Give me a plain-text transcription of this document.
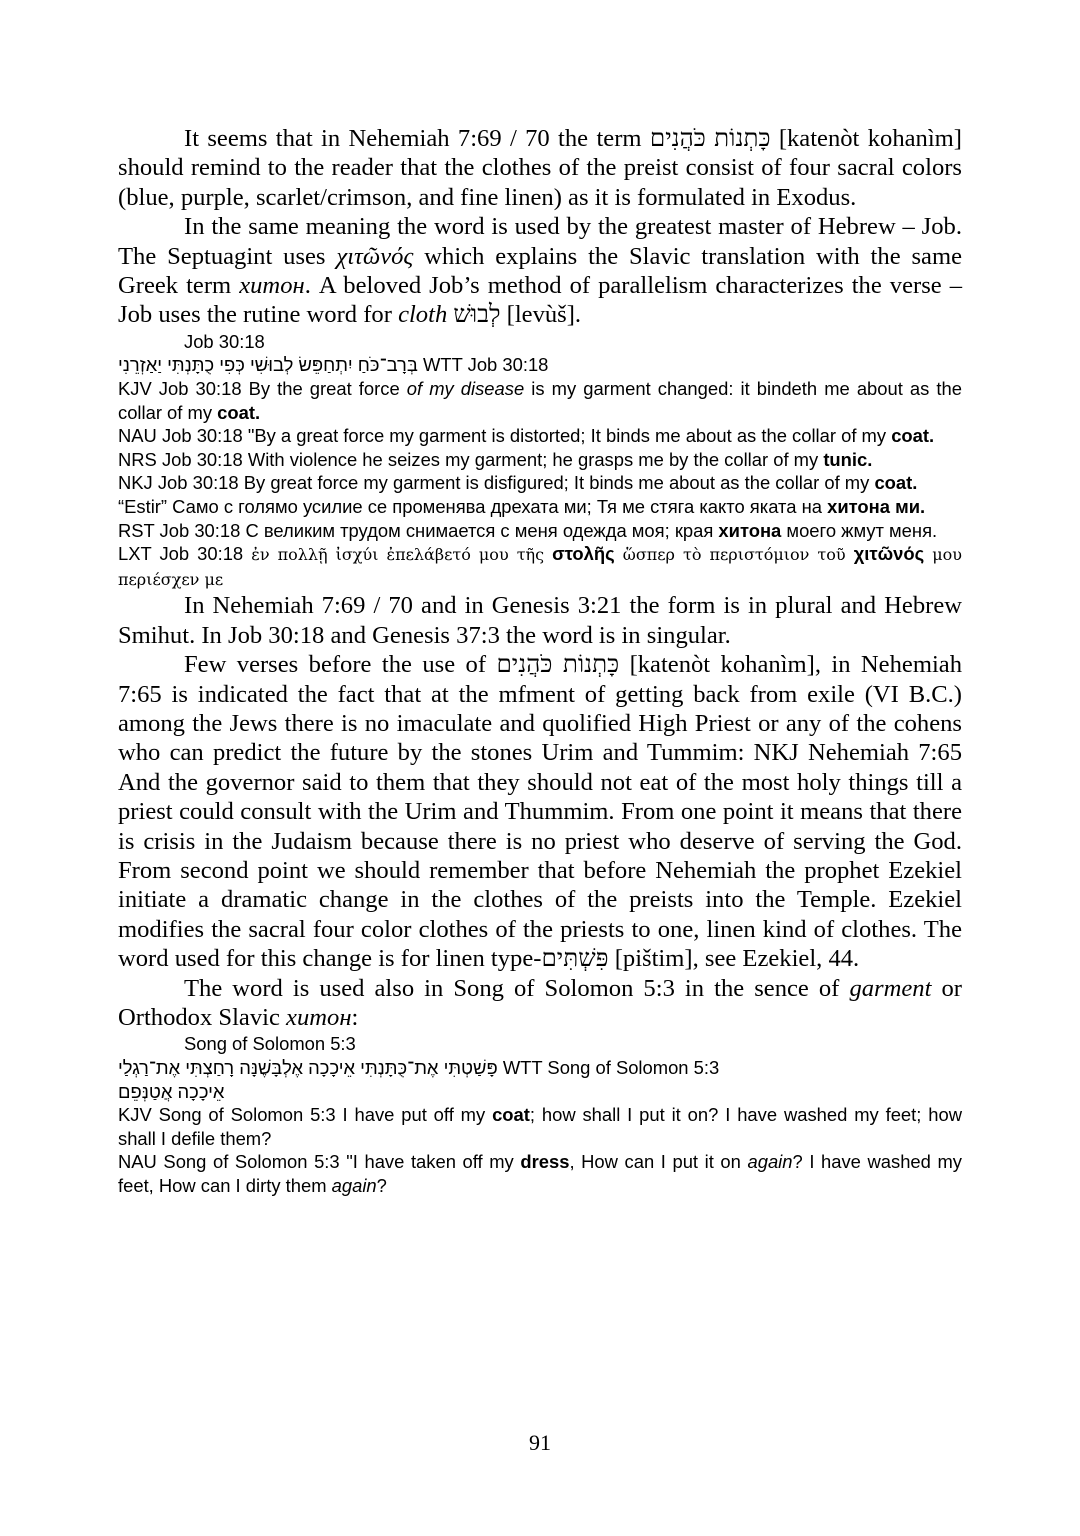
It seems that in Nehemiah 7:69 / 70 the term כָּתְנוֹת כֹּהֲנִים [katenòt kohanìm] should remind to the reader that the clothes of the preist consist of four sacral colors (blue, purple, scarlet/crimson, and fine linen) as it is formulated in Exodus.

In the same meaning the word is used by the greatest master of Hebrew – Job. The Septuagint uses χιτῶνός which explains the Slavic translation with the same Greek term хитон. A beloved Job’s method of parallelism characterizes the verse – Job uses the rutine word for cloth לְבוּשׁ [levùš].

Job 30:18

בְּרָב־כֹּחַ יִתְחַפֵּשׂ לְבוּשִׁי כְּפִי כֻתָּנְתִּי יַאַזְרֵנִי WTT Job 30:18

KJV Job 30:18 By the great force of my disease is my garment changed: it bindeth me about as the collar of my coat.

NAU Job 30:18 "By a great force my garment is distorted; It binds me about as the collar of my coat.

NRS Job 30:18 With violence he seizes my garment; he grasps me by the collar of my tunic.

NKJ Job 30:18 By great force my garment is disfigured; It binds me about as the collar of my coat.

“Estir” Само с голямо усилие се променява дрехата ми; Тя ме стяга както яката на хитона ми.

RST Job 30:18 С великим трудом снимается с меня одежда моя; края хитона моего жмут меня.

LXT Job 30:18 ἐν πολλῇ ἰσχύι ἐπελάβετό μου τῆς στολῆς ὥσπερ τὸ περιστόμιον τοῦ χιτῶνός μου περιέσχεν με

In Nehemiah 7:69 / 70 and in Genesis 3:21 the form is in plural and Hebrew Smihut. In Job 30:18 and Genesis 37:3 the word is in singular.

Few verses before the use of כָּתְנוֹת כֹּהֲנִים [katenòt kohanìm], in Nehemiah 7:65 is indicated the fact that at the mfment of getting back from exile (VI B.C.) among the Jews there is no imaculate and quolified High Priest or any of the cohens who can predict the future by the stones Urim and Tummim: NKJ Nehemiah 7:65 And the governor said to them that they should not eat of the most holy things till a priest could consult with the Urim and Thummim. From one point it means that there is crisis in the Judaism because there is no priest who deserve of serving the God. From second point we should remember that before Nehemiah the prophet Ezekiel initiate a dramatic change in the clothes of the preists into the Temple. Ezekiel modifies the sacral four color clothes of the priests to one, linen kind of clothes. The word used for this change is for linen type-פִּשְׁתִּים [pištim], see Ezekiel, 44.

The word is used also in Song of Solomon 5:3 in the sence of garment or Orthodox Slavic хитон:

Song of Solomon 5:3

פָּשַׁטְתִּי אֶת־כֻּתָּנְתִּי אֵיכָכָה אֶלְבָּשֶׁנָּה רָחַצְתִּי אֶת־רַגְלַי WTT Song of Solomon 5:3

אֵיכָכָה אֲטַנְּפֵם

KJV Song of Solomon 5:3 I have put off my coat; how shall I put it on? I have washed my feet; how shall I defile them?

NAU Song of Solomon 5:3 "I have taken off my dress, How can I put it on again? I have washed my feet, How can I dirty them again?

91
